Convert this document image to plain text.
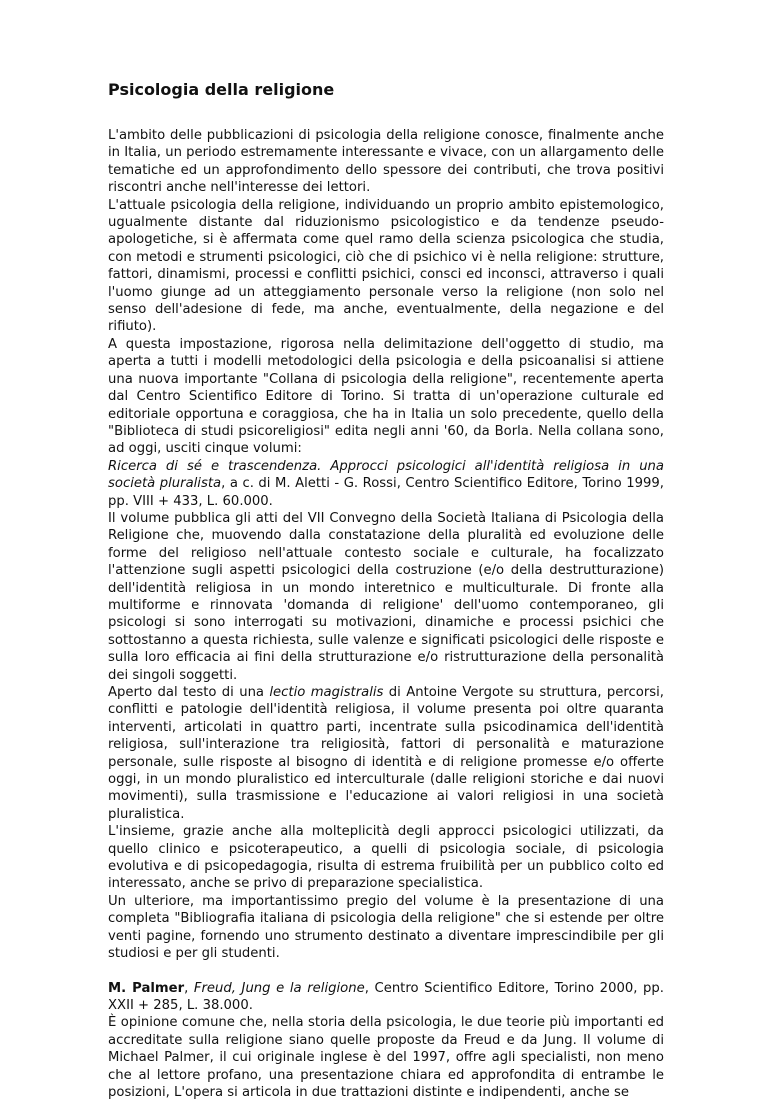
Psicologia della religione

L'ambito delle pubblicazioni di psicologia della religione conosce, finalmente anche in Italia, un periodo estremamente interessante e vivace, con un allargamento delle tematiche ed un approfondimento dello spessore dei contributi, che trova positivi riscontri anche nell'interesse dei lettori.

L'attuale psicologia della religione, individuando un proprio ambito epistemologico, ugualmente distante dal riduzionismo psicologistico e da tendenze pseudo-apologetiche, si è affermata come quel ramo della scienza psicologica che studia, con metodi e strumenti psicologici, ciò che di psichico vi è nella religione: strutture, fattori, dinamismi, processi e conflitti psichici, consci ed inconsci, attraverso i quali l'uomo giunge ad un atteggiamento personale verso la religione (non solo nel senso dell'adesione di fede, ma anche, eventualmente, della negazione e del rifiuto).

A questa impostazione, rigorosa nella delimitazione dell'oggetto di studio, ma aperta a tutti i modelli metodologici della psicologia e della psicoanalisi si attiene una nuova importante "Collana di psicologia della religione", recentemente aperta dal Centro Scientifico Editore di Torino. Si tratta di un'operazione culturale ed editoriale opportuna e coraggiosa, che ha in Italia un solo precedente, quello della "Biblioteca di studi psicoreligiosi" edita negli anni '60, da Borla. Nella collana sono, ad oggi, usciti cinque volumi:

Ricerca di sé e trascendenza. Approcci psicologici all'identità religiosa in una società pluralista, a c. di M. Aletti - G. Rossi, Centro Scientifico Editore, Torino 1999, pp. VIII + 433, L. 60.000.

Il volume pubblica gli atti del VII Convegno della Società Italiana di Psicologia della Religione che, muovendo dalla constatazione della pluralità ed evoluzione delle forme del religioso nell'attuale contesto sociale e culturale, ha focalizzato l'attenzione sugli aspetti psicologici della costruzione (e/o della destrutturazione) dell'identità religiosa in un mondo interetnico e multiculturale. Di fronte alla multiforme e rinnovata 'domanda di religione' dell'uomo contemporaneo, gli psicologi si sono interrogati su motivazioni, dinamiche e processi psichici che sottostanno a questa richiesta, sulle valenze e significati psicologici delle risposte e sulla loro efficacia ai fini della strutturazione e/o ristrutturazione della personalità dei singoli soggetti.

Aperto dal testo di una lectio magistralis di Antoine Vergote su struttura, percorsi, conflitti e patologie dell'identità religiosa, il volume presenta poi oltre quaranta interventi, articolati in quattro parti, incentrate sulla psicodinamica dell'identità religiosa, sull'interazione tra religiosità, fattori di personalità e maturazione personale, sulle risposte al bisogno di identità e di religione promesse e/o offerte oggi, in un mondo pluralistico ed interculturale (dalle religioni storiche e dai nuovi movimenti), sulla trasmissione e l'educazione ai valori religiosi in una società pluralistica.

L'insieme, grazie anche alla molteplicità degli approcci psicologici utilizzati, da quello clinico e psicoterapeutico, a quelli di psicologia sociale, di psicologia evolutiva e di psicopedagogia, risulta di estrema fruibilità per un pubblico colto ed interessato, anche se privo di preparazione specialistica.

Un ulteriore, ma importantissimo pregio del volume è la presentazione di una completa "Bibliografia italiana di psicologia della religione" che si estende per oltre venti pagine, fornendo uno strumento destinato a diventare imprescindibile per gli studiosi e per gli studenti.

M. Palmer, Freud, Jung e la religione, Centro Scientifico Editore, Torino 2000, pp. XXII + 285, L. 38.000.

È opinione comune che, nella storia della psicologia, le due teorie più importanti ed accreditate sulla religione siano quelle proposte da Freud e da Jung. Il volume di Michael Palmer, il cui originale inglese è del 1997, offre agli specialisti, non meno che al lettore profano, una presentazione chiara ed approfondita di entrambe le posizioni, L'opera si articola in due trattazioni distinte e indipendenti, anche se
